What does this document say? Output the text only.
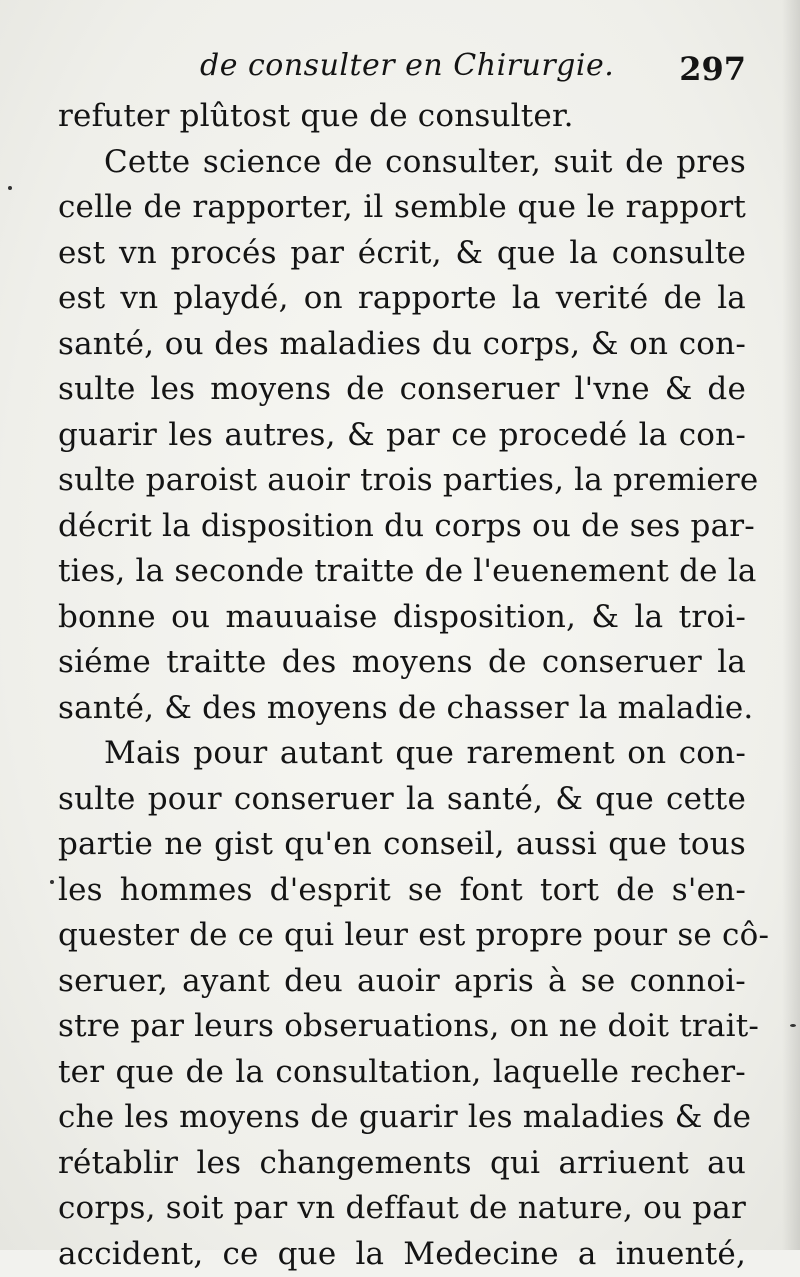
de consulter en Chirurgie. 297
refuter plûtost que de consulter.
Cette science de consulter, suit de pres
celle de rapporter, il semble que le rapport
est vn procés par écrit, & que la consulte
est vn playdé, on rapporte la verité de la
santé, ou des maladies du corps, & on con-
sulte les moyens de conseruer l'vne & de
guarir les autres, & par ce procedé la con-
sulte paroist auoir trois parties, la premiere
décrit la disposition du corps ou de ses par-
ties, la seconde traitte de l'euenement de la
bonne ou mauuaise disposition, & la troi-
siéme traitte des moyens de conseruer la
santé, & des moyens de chasser la maladie.
Mais pour autant que rarement on con-
sulte pour conseruer la santé, & que cette
partie ne gist qu'en conseil, aussi que tous
les hommes d'esprit se font tort de s'en-
quester de ce qui leur est propre pour se cô-
seruer, ayant deu auoir apris à se connoi-
stre par leurs obseruations, on ne doit trait-
ter que de la consultation, laquelle recher-
che les moyens de guarir les maladies & de
rétablir les changements qui arriuent au
corps, soit par vn deffaut de nature, ou par
accident, ce que la Medecine a inuenté,
